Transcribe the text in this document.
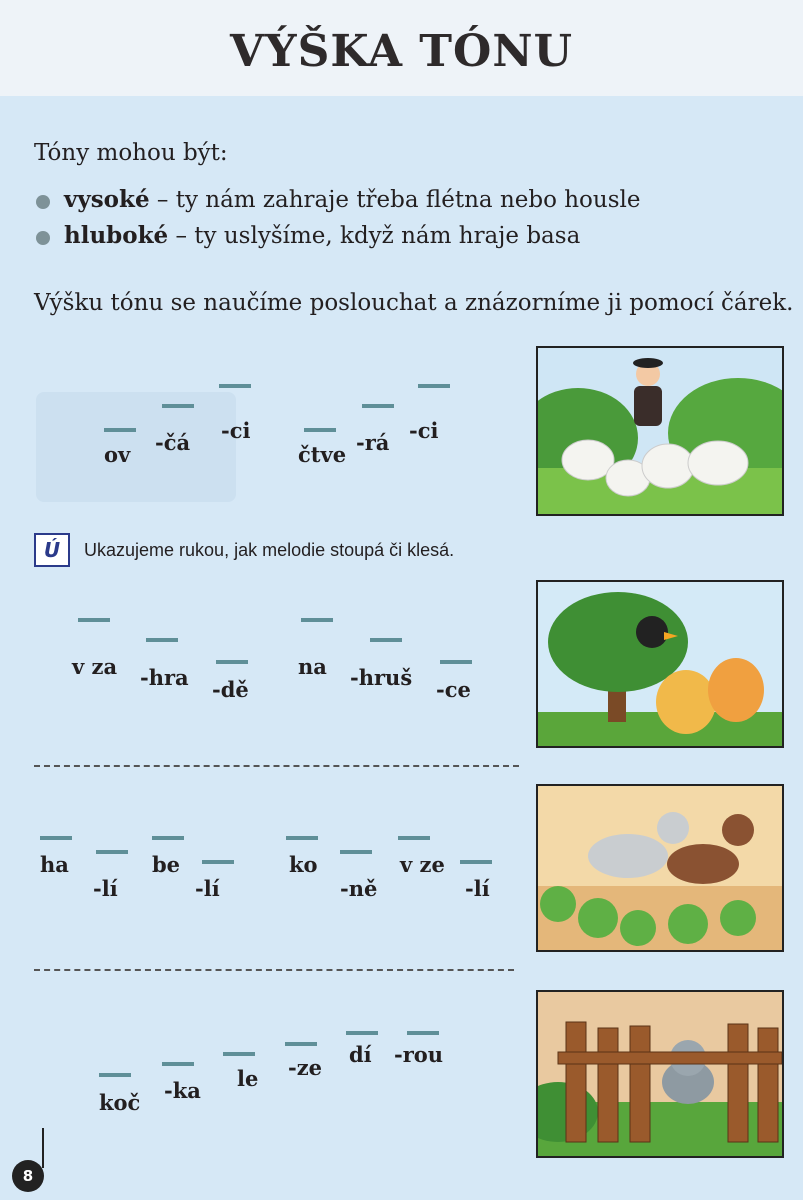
VÝŠKA TÓNU
Tóny mohou být:
vysoké – ty nám zahraje třeba flétna nebo housle
hluboké – ty uslyšíme, když nám hraje basa
Výšku tónu se naučíme poslouchat a znázorníme ji pomocí čárek.
ov -čá -ci
čtve -rá -ci
Ú	Ukazujeme rukou, jak melodie stoupá či klesá.
v za -hra -dě
na -hruš -ce
ha
-lí
be
-lí
ko
-ně
v ze
-lí
koč -ka le -ze
dí -rou
8
